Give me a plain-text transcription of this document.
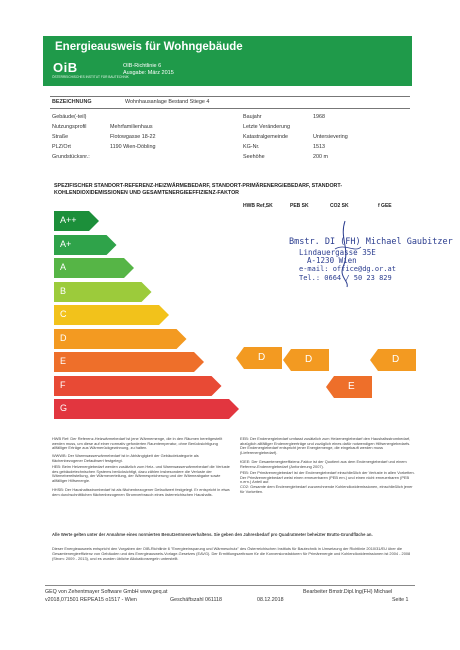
Energieausweis für Wohngebäude
OiB
ÖSTERREICHISCHES INSTITUT FÜR BAUTECHNIK
OIB-Richtlinie 6
Ausgabe: März 2015
BEZEICHNUNG	Wohnhausanlage Bestand Stiege 4
Gebäude(-teil)
Nutzungsprofil	Mehrfamilienhaus
Straße	Flotowgasse 18-22
PLZ/Ort	1190 Wien-Döbling
Grundstücksnr.:
Baujahr	1968
Letzte Veränderung
Katastralgemeinde	Untersievering
KG-Nr.	1513
Seehöhe	200 m
SPEZIFISCHER STANDORT-REFERENZ-HEIZWÄRMEBEDARF, STANDORT-PRIMÄRENERGIEBEDARF, STANDORT-KOHLENDIOXIDEMISSIONEN UND GESAMTENERGIEEFFIZIENZ-FAKTOR
HWB Ref,SK	PEB SK	CO2 SK	f GEE
A++
A+
A
B
C
D
E
F
G
D	D
E
D
Bmstr. DI (FH) Michael Gaubitzer
Lindauergasse 35E
A-1230 Wien
e-mail: office@dg.or.at
Tel.: 0664 / 50 23 829
HWB Ref: Der Referenz-Heizwärmebedarf ist jene Wärmemenge, die in den Räumen bereitgestellt werden muss, um diese auf einer normativ geforderten Raumtemperatur, ohne Berücksichtigung allfälliger Erträge aus Wärmerückgewinnung, zu halten.
WWWB: Der Warmwasserwärmebedarf ist in Abhängigkeit der Gebäudekategorie als flächenbezogener Defaultwert festgelegt.
HEB: Beim Heizenergiebedarf werden zusätzlich zum Heiz- und Warmwasserwärmebedarf die Verluste des gebäudetechnischen Systems berücksichtigt, dazu zählen insbesondere die Verluste der Wärmebereitstellung, der Wärmeverteilung, der Wärmespeicherung und der Wärmeabgabe sowie allfälliger Hilfsenergie.
HHSB: Der Haushaltsstrombedarf ist als flächenbezogener Defaultwert festgelegt. Er entspricht in etwa dem durchschnittlichen flächenbezogenen Stromverbrauch eines österreichischen Haushalts.
EEB: Der Endenergiebedarf umfasst zusätzlich zum Heizenergiebedarf den Haushaltsstrombedarf, abzüglich allfälliger Endenergieerträge und zuzüglich eines dafür notwendigen Hilfsenergiebedarfs. Der Endenergiebedarf entspricht jener Energiemenge, die eingekauft werden muss (Lieferenergiebedarf).
fGEE: Der Gesamtenergieeffizienz-Faktor ist der Quotient aus dem Endenergiebedarf und einem Referenz-Endenergiebedarf (Anforderung 2007).
PEB: Der Primärenergiebedarf ist der Endenergiebedarf einschließlich der Verluste in allen Vorketten. Der Primärenergiebedarf weist einen erneuerbaren (PEB ern.) und einen nicht erneuerbaren (PEB n.ern.) Anteil auf.
CO2: Gesamte dem Endenergiebedarf zuzurechnende Kohlendioxidemissionen, einschließlich jener für Vorketten.
Alle Werte gelten unter der Annahme eines normierten BenutzerInnenverhaltens. Sie geben den Jahresbedarf pro Quadratmeter beheizter Brutto-Grundfläche an.
Dieser Energieausweis entspricht den Vorgaben der OIB-Richtlinie 6 "Energieeinsparung und Wärmeschutz" des Österreichischen Instituts für Bautechnik in Umsetzung der Richtlinie 2010/31/EU über die Gesamtenergieeffizienz von Gebäuden und des Energieausweis-Vorlage-Gesetzes (EAVG). Der Ermittlungszeitraum für die Konversionsfaktoren für Primärenergie und Kohlendioxidemissionen ist 2004 - 2008 (Strom: 2009 - 2013), und es wurden übliche Allokationsregeln unterstellt.
GEQ von Zehentmayer Software GmbH www.geq.at
v2018,071501 REPEA15 o1517 - Wien	Geschäftszahl 061118	08.12.2018
Bearbeiter Bmstr.Dipl.Ing(FH) Michael
Seite 1
